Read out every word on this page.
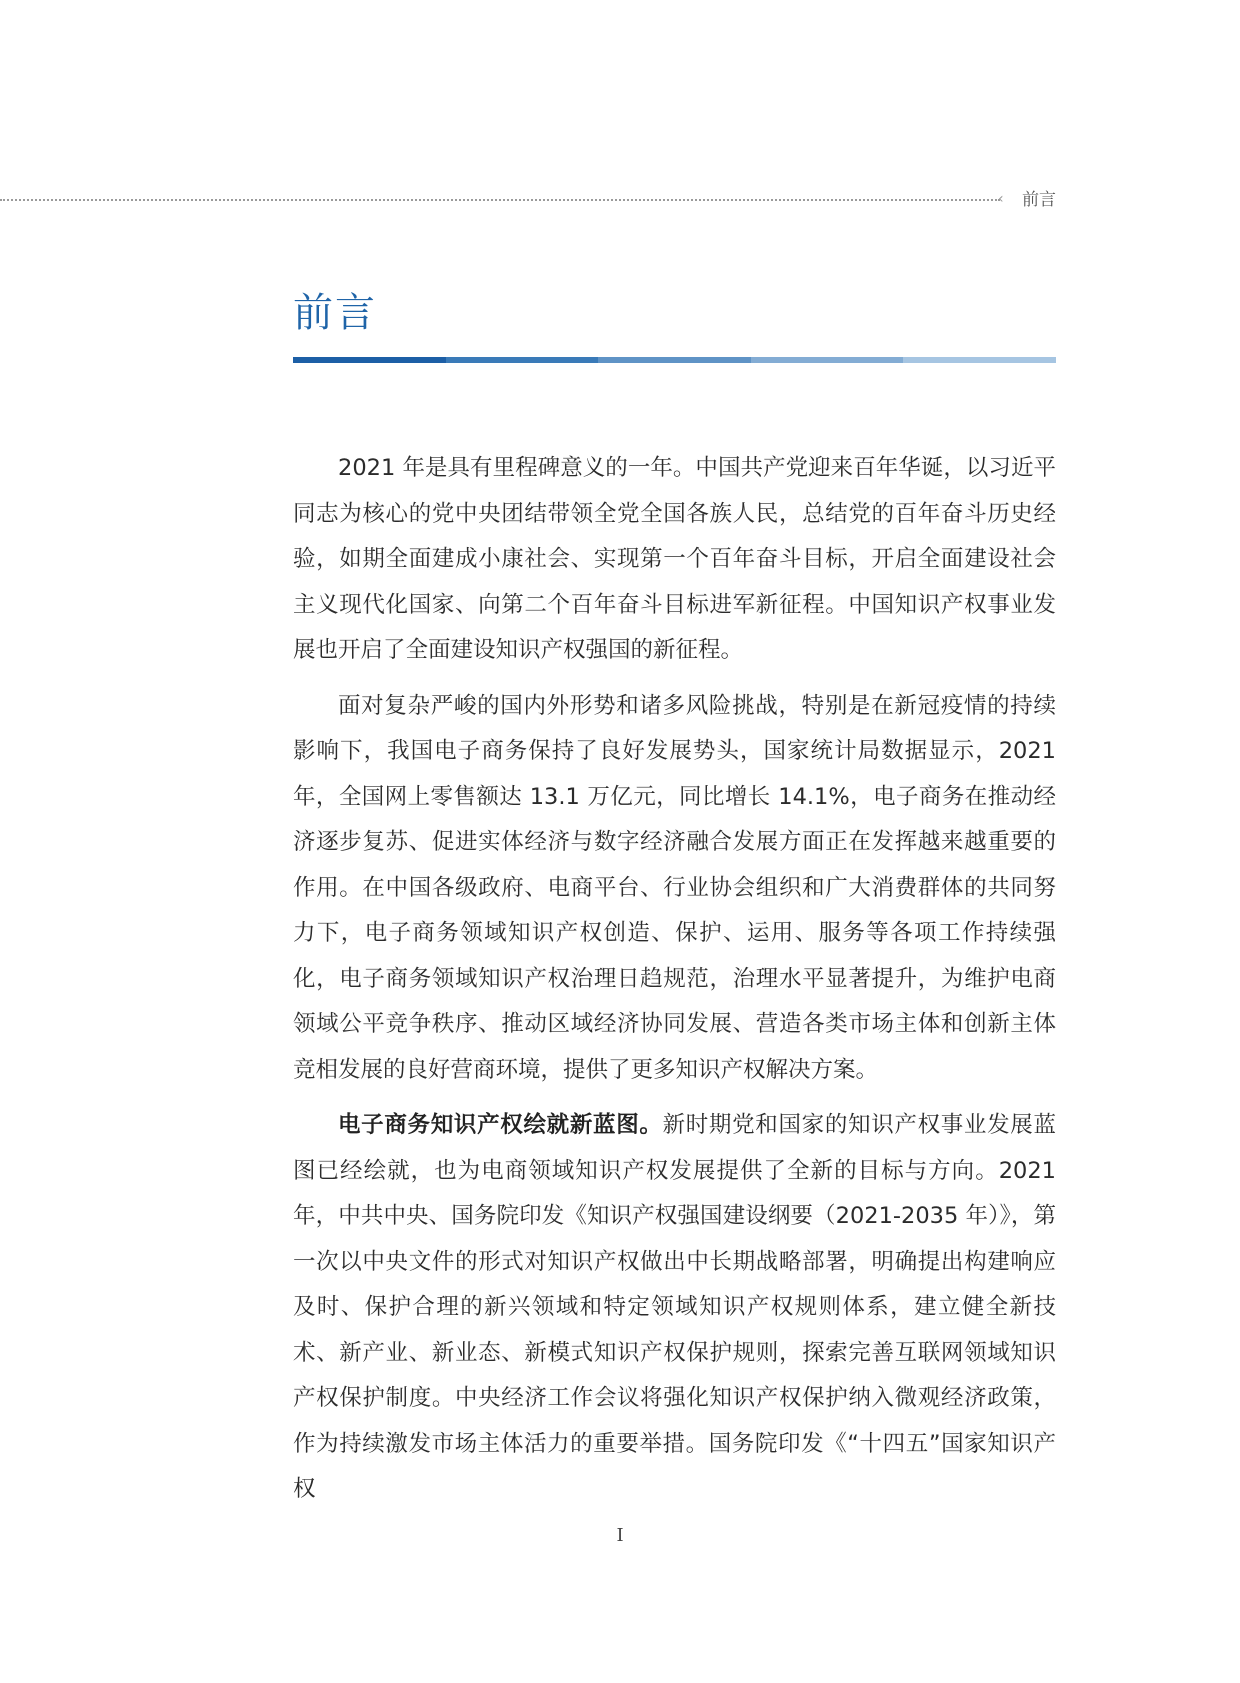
‹ 前言
前言

2021 年是具有里程碑意义的一年。中国共产党迎来百年华诞，以习近平同志为核心的党中央团结带领全党全国各族人民，总结党的百年奋斗历史经验，如期全面建成小康社会、实现第一个百年奋斗目标，开启全面建设社会主义现代化国家、向第二个百年奋斗目标进军新征程。中国知识产权事业发展也开启了全面建设知识产权强国的新征程。

面对复杂严峻的国内外形势和诸多风险挑战，特别是在新冠疫情的持续影响下，我国电子商务保持了良好发展势头，国家统计局数据显示，2021 年，全国网上零售额达 13.1 万亿元，同比增长 14.1%，电子商务在推动经济逐步复苏、促进实体经济与数字经济融合发展方面正在发挥越来越重要的作用。在中国各级政府、电商平台、行业协会组织和广大消费群体的共同努力下，电子商务领域知识产权创造、保护、运用、服务等各项工作持续强化，电子商务领域知识产权治理日趋规范，治理水平显著提升，为维护电商领域公平竞争秩序、推动区域经济协同发展、营造各类市场主体和创新主体竞相发展的良好营商环境，提供了更多知识产权解决方案。

电子商务知识产权绘就新蓝图。新时期党和国家的知识产权事业发展蓝图已经绘就，也为电商领域知识产权发展提供了全新的目标与方向。2021 年，中共中央、国务院印发《知识产权强国建设纲要（2021-2035 年）》，第一次以中央文件的形式对知识产权做出中长期战略部署，明确提出构建响应及时、保护合理的新兴领域和特定领域知识产权规则体系，建立健全新技术、新产业、新业态、新模式知识产权保护规则，探索完善互联网领域知识产权保护制度。中央经济工作会议将强化知识产权保护纳入微观经济政策，作为持续激发市场主体活力的重要举措。国务院印发《“十四五”国家知识产权

I
